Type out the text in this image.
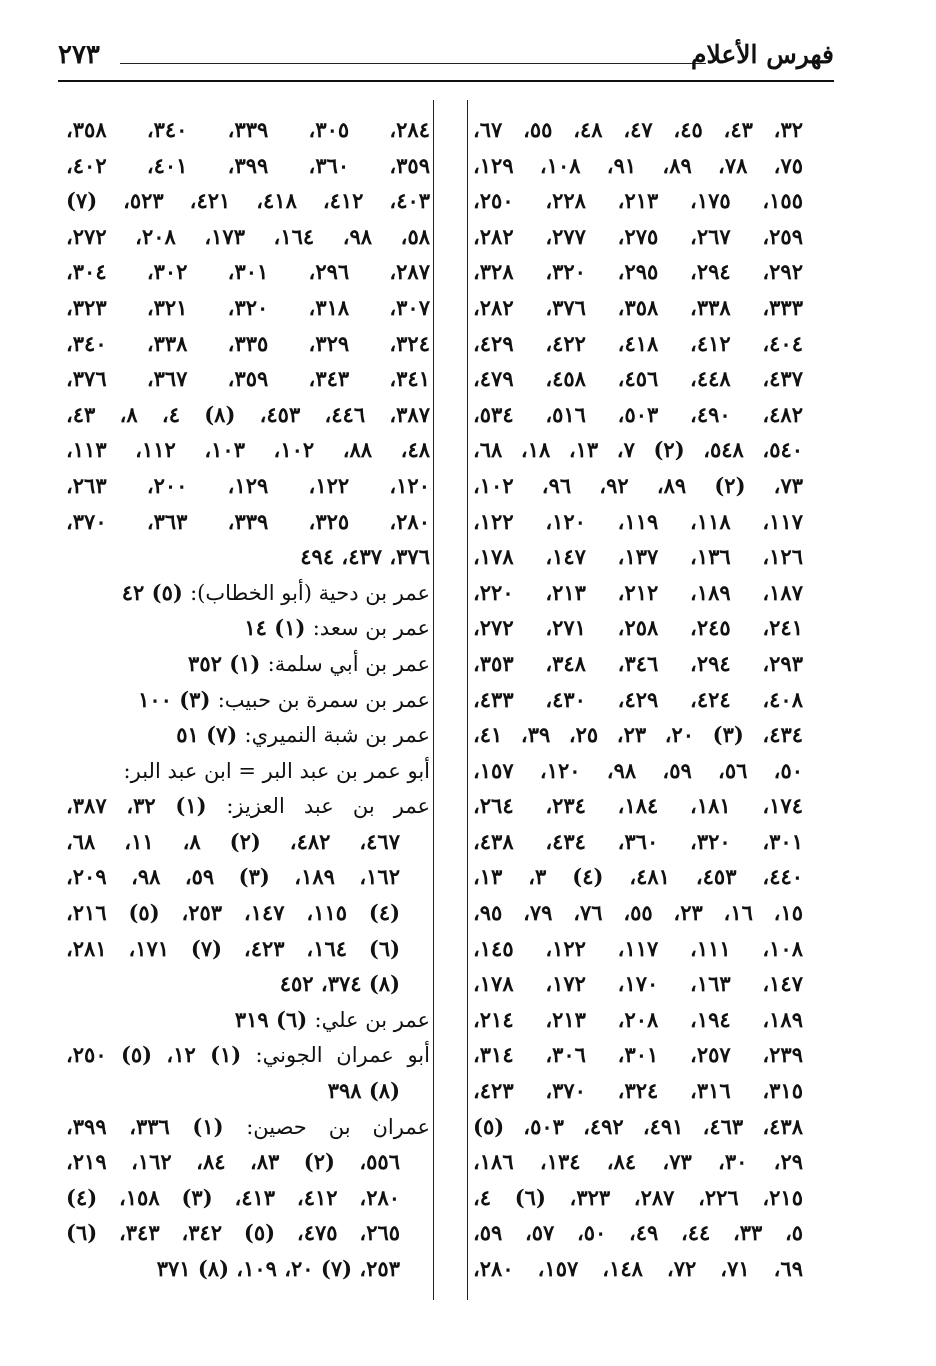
٢٧٣	فهرس الأعلام
٣٢، ٤٣، ٤٥، ٤٧، ٤٨، ٥٥، ٦٧،
٧٥، ٧٨، ٨٩، ٩١، ١٠٨، ١٢٩،
١٥٥، ١٧٥، ٢١٣، ٢٢٨، ٢٥٠،
٢٥٩، ٢٦٧، ٢٧٥، ٢٧٧، ٢٨٢،
٢٩٢، ٢٩٤، ٢٩٥، ٣٢٠، ٣٢٨،
٣٣٣، ٣٣٨، ٣٥٨، ٣٧٦، ٢٨٢،
٤٠٤، ٤١٢، ٤١٨، ٤٢٢، ٤٢٩،
٤٣٧، ٤٤٨، ٤٥٦، ٤٥٨، ٤٧٩،
٤٨٢، ٤٩٠، ٥٠٣، ٥١٦، ٥٣٤،
٥٤٠، ٥٤٨، (٢) ٧، ١٣، ١٨، ٦٨،
٧٣، (٢) ٨٩، ٩٢، ٩٦، ١٠٢،
١١٧، ١١٨، ١١٩، ١٢٠، ١٢٢،
١٢٦، ١٣٦، ١٣٧، ١٤٧، ١٧٨،
١٨٧، ١٨٩، ٢١٢، ٢١٣، ٢٢٠،
٢٤١، ٢٤٥، ٢٥٨، ٢٧١، ٢٧٢،
٢٩٣، ٢٩٤، ٣٤٦، ٣٤٨، ٣٥٣،
٤٠٨، ٤٢٤، ٤٢٩، ٤٣٠، ٤٣٣،
٤٣٤، (٣) ٢٠، ٢٣، ٢٥، ٣٩، ٤١،
٥٠، ٥٦، ٥٩، ٩٨، ١٢٠، ١٥٧،
١٧٤، ١٨١، ١٨٤، ٢٣٤، ٢٦٤،
٣٠١، ٣٢٠، ٣٦٠، ٤٣٤، ٤٣٨،
٤٤٠، ٤٥٣، ٤٨١، (٤) ٣، ١٣،
١٥، ١٦، ٢٣، ٥٥، ٧٦، ٧٩، ٩٥،
١٠٨، ١١١، ١١٧، ١٢٢، ١٤٥،
١٤٧، ١٦٣، ١٧٠، ١٧٢، ١٧٨،
١٨٩، ١٩٤، ٢٠٨، ٢١٣، ٢١٤،
٢٣٩، ٢٥٧، ٣٠١، ٣٠٦، ٣١٤،
٣١٥، ٣١٦، ٣٢٤، ٣٧٠، ٤٢٣،
٤٣٨، ٤٦٣، ٤٩١، ٤٩٢، ٥٠٣، (٥)
٢٩، ٣٠، ٧٣، ٨٤، ١٣٤، ١٨٦،
٢١٥، ٢٢٦، ٢٨٧، ٣٢٣، (٦) ٤،
٥، ٣٣، ٤٤، ٤٩، ٥٠، ٥٧، ٥٩،
٦٩، ٧١، ٧٢، ١٤٨، ١٥٧، ٢٨٠،
٢٨٤، ٣٠٥، ٣٣٩، ٣٤٠، ٣٥٨،
٣٥٩، ٣٦٠، ٣٩٩، ٤٠١، ٤٠٢،
٤٠٣، ٤١٢، ٤١٨، ٤٢١، ٥٢٣، (٧)
٥٨، ٩٨، ١٦٤، ١٧٣، ٢٠٨، ٢٧٢،
٢٨٧، ٢٩٦، ٣٠١، ٣٠٢، ٣٠٤،
٣٠٧، ٣١٨، ٣٢٠، ٣٢١، ٣٢٣،
٣٢٤، ٣٢٩، ٣٣٥، ٣٣٨، ٣٤٠،
٣٤١، ٣٤٣، ٣٥٩، ٣٦٧، ٣٧٦،
٣٨٧، ٤٤٦، ٤٥٣، (٨) ٤، ٨، ٤٣،
٤٨، ٨٨، ١٠٢، ١٠٣، ١١٢، ١١٣،
١٢٠، ١٢٢، ١٢٩، ٢٠٠، ٢٦٣،
٢٨٠، ٣٢٥، ٣٣٩، ٣٦٣، ٣٧٠،
٣٧٦، ٤٣٧، ٤٩٤
عمر بن دحية (أبو الخطاب): (٥) ٤٢
عمر بن سعد: (١) ١٤
عمر بن أبي سلمة: (١) ٣٥٢
عمر بن سمرة بن حبيب: (٣) ١٠٠
عمر بن شبة النميري: (٧) ٥١
أبو عمر بن عبد البر = ابن عبد البر:
عمر بن عبد العزيز: (١) ٣٢، ٣٨٧،
٤٦٧، ٤٨٢، (٢) ٨، ١١، ٦٨،
١٦٢، ١٨٩، (٣) ٥٩، ٩٨، ٢٠٩،
(٤) ١١٥، ١٤٧، ٢٥٣، (٥) ٢١٦،
(٦) ١٦٤، ٤٢٣، (٧) ١٧١، ٢٨١،
(٨) ٣٧٤، ٤٥٢
عمر بن علي: (٦) ٣١٩
أبو عمران الجوني: (١) ١٢، (٥) ٢٥٠،
(٨) ٣٩٨
عمران بن حصين: (١) ٣٣٦، ٣٩٩،
٥٥٦، (٢) ٨٣، ٨٤، ١٦٢، ٢١٩،
٢٨٠، ٤١٢، ٤١٣، (٣) ١٥٨، (٤)
٢٦٥، ٤٧٥، (٥) ٣٤٢، ٣٤٣، (٦)
٢٥٣، (٧) ٢٠، ١٠٩، (٨) ٣٧١
